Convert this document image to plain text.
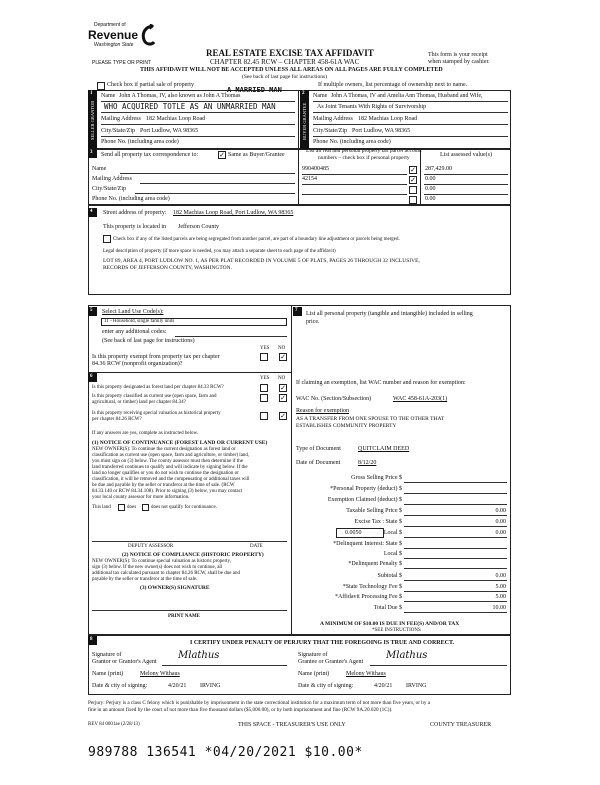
Department of
Revenue
Washington State
REAL ESTATE EXCISE TAX AFFIDAVIT
CHAPTER 82.45 RCW – CHAPTER 458-61A WAC
PLEASE TYPE OR PRINT
This form is your receipt
when stamped by cashier.
THIS AFFIDAVIT WILL NOT BE ACCEPTED UNLESS ALL AREAS ON ALL PAGES ARE FULLY COMPLETED
(See back of last page for instructions)
Check box if partial sale of property	If multiple owners, list percentage of ownership next to name.
SELLER GRANTOR
1
BUYER GRANTEE
2
Name John A Thomas, IV, also known as John A Thomas
A MARRIED MAN
WHO ACQUIRED TOTLE AS AN UNMARRIED MAN
Mailing Address 182 Machias Loop Road
City/State/Zip Port Ludlow, WA 98365
Phone No. (including area code)
Name John A Thomas, IV and Amelia Ann Thomas, Husband and Wife,
As Joint Tenants With Rights of Survivorship
Mailing Address 182 Machias Loop Road
City/State/Zip Port Ludlow, WA 98365
Phone No. (including area code)
3 Send all property tax correspondence to:	✓ Same as Buyer/Grantee
List all real and personal property tax parcel account
numbers – check box if personal property	List assessed value(s)
Name
Mailing Address
City/State/Zip
Phone No. (including area code)
990400485	✓ 287,429.00
42154	✓ 0.00
0.00
0.00
4 Street address of property: 182 Machias Loop Road, Port Ludlow, WA 98365
This property is located in Jefferson County
Check box if any of the listed parcels are being segregated from another parcel, are part of a boundary line adjustment or parcels being merged.
Legal description of property (if more space is needed, you may attach a separate sheet to each page of the affidavit)
LOT 89, AREA 4, PORT LUDLOW NO. 1, AS PER PLAT RECORDED IN VOLUME 5 OF PLATS, PAGES 26 THROUGH 32 INCLUSIVE,
RECORDS OF JEFFERSON COUNTY, WASHINGTON.
5 Select Land Use Code(s):
11 - Household, single family units
enter any additional codes:
(See back of last page for instructions)
YES NO
Is this property exempt from property tax per chapter
84.36 RCW (nonprofit organization)?
✓
6	YES NO
Is this property designated as forest land per chapter 84.33 RCW?	✓
Is this property classified as current use (open space, farm and
agricultural, or timber) land per chapter 84.34?
✓
Is this property receiving special valuation as historical property
per chapter 84.26 RCW?	✓
If any answers are yes, complete as instructed below.
(1) NOTICE OF CONTINUANCE (FOREST LAND OR CURRENT USE)
NEW OWNER(S): To continue the current designation as forest land or
classification as current use (open space, farm and agriculture, or timber) land,
you must sign on (3) below. The county assessor must then determine if the
land transferred continues to qualify and will indicate by signing below. If the
land no longer qualifies or you do not wish to continue the designation or
classification, it will be removed and the compensating or additional taxes will
be due and payable by the seller or transferor at the time of sale. (RCW
84.33.140 or RCW 84.34.108). Prior to signing (3) below, you may contact
your local county assessor for more information.
This land	does	does not qualify for continuance.
DEPUTY ASSESSOR	DATE
(2) NOTICE OF COMPLIANCE (HISTORIC PROPERTY)
NEW OWNER(S): To continue special valuation as historic property,
sign (3) below. If the new owner(s) does not wish to continue, all
additional tax calculated pursuant to chapter 84.26 RCW, shall be due and
payable by the seller or transferor at the time of sale.
(3) OWNER(S) SIGNATURE
PRINT NAME
7
List all personal property (tangible and intangible) included in selling
price.
If claiming an exemption, list WAC number and reason for exemption:
WAC No. (Section/Subsection)	WAC 458-61A-203(1)
Reason for exemption
AS A TRANSFER FROM ONE SPOUSE TO THE OTHER THAT
ESTABLISHES COMMUNITY PROPERTY
Type of Document	QUITCLAIM DEED
Date of Document	8/12/20
Gross Selling Price $
*Personal Property (deduct) $
Exemption Claimed (deduct) $
Taxable Selling Price $	0.00
Excise Tax : State $	0.00
0.0050	Local $	0.00
*Delinquent Interest: State $
Local $
*Delinquent Penalty $
Subtotal $	0.00
*State Technology Fee $	5.00
*Affidavit Processing Fee $	5.00
Total Due $	10.00
A MINIMUM OF $10.00 IS DUE IN FEE(S) AND/OR TAX
*SEE INSTRUCTIONS
8
I CERTIFY UNDER PENALTY OF PERJURY THAT THE FOREGOING IS TRUE AND CORRECT.
Signature of
Grantor or Grantor's Agent
Mlathus	Signature of
Grantee or Grantee's Agent
Mlathus
Name (print)	Melony Withaus	Name (print)	Melony Withaus
Date & city of signing:	4/20/21 IRVING	Date & city of signing:	4/20/21 IRVING
Perjury: Perjury is a class C felony which is punishable by imprisonment in the state correctional institution for a maximum term of not more than five years, or by a
fine in an amount fixed by the court of not more than five thousand dollars ($5,000.00), or by both imprisonment and fine (RCW 9A.20.020 (1C)).
REV 84 0001ae (2/28/13)	THIS SPACE - TREASURER'S USE ONLY	COUNTY TREASURER
989788 136541 *04/20/2021 $10.00*
